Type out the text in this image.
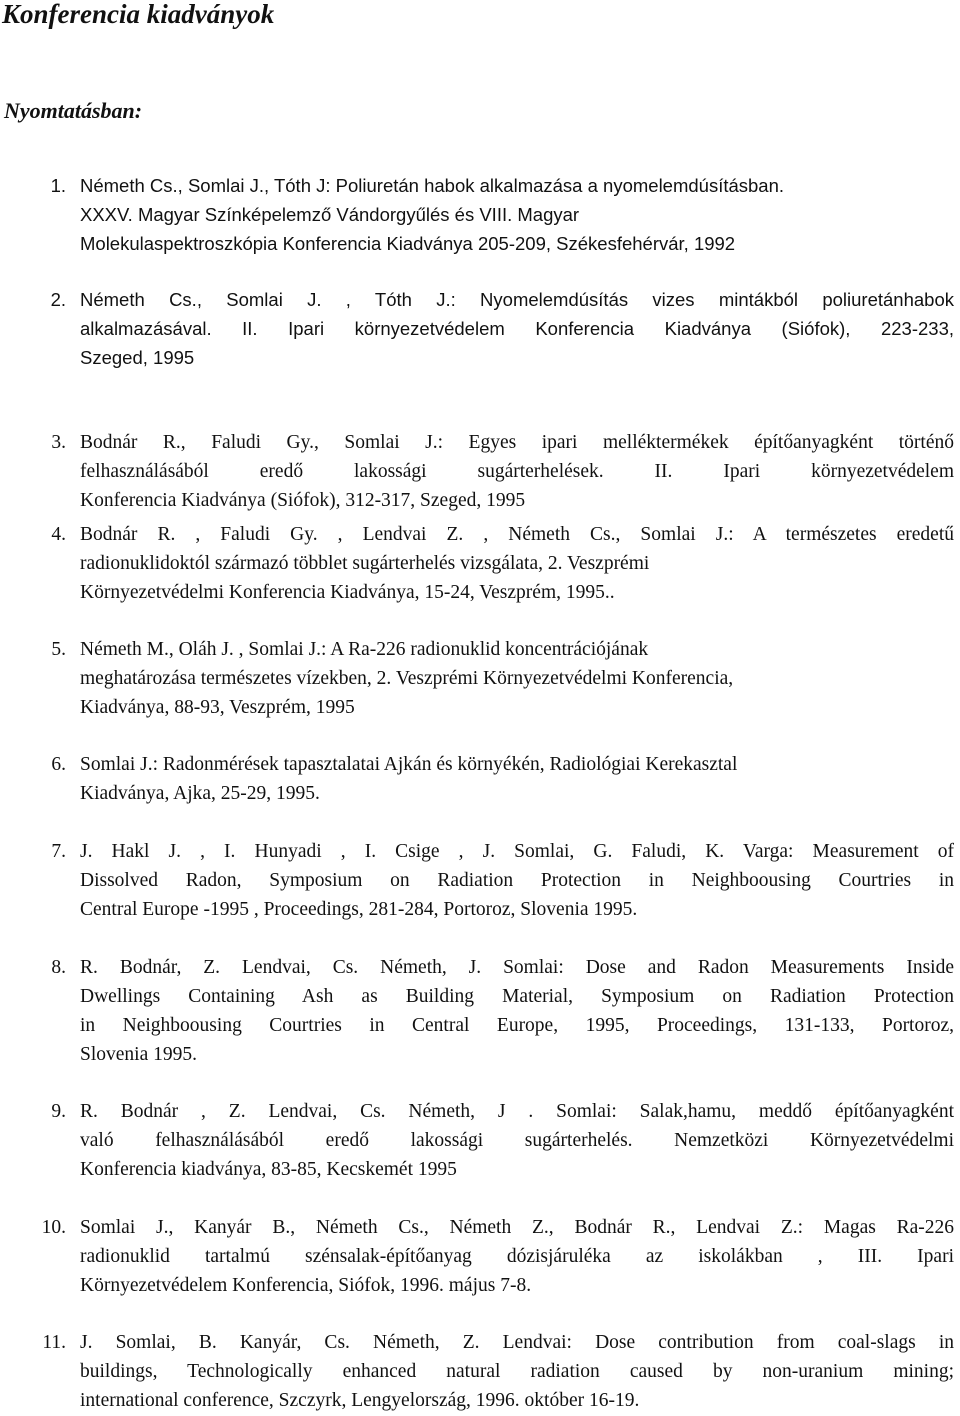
Konferencia kiadványok
Nyomtatásban:
1. Németh Cs., Somlai J., Tóth J: Poliuretán habok alkalmazása a nyomelemdúsításban.
XXXV. Magyar Színképelemző Vándorgyűlés és VIII. Magyar
Molekulaspektroszkópia Konferencia Kiadványa 205-209, Székesfehérvár, 1992
2. Németh Cs., Somlai J. , Tóth J.: Nyomelemdúsítás vizes mintákból poliuretánhabok
alkalmazásával. II. Ipari környezetvédelem Konferencia Kiadványa (Siófok), 223-233,
Szeged, 1995
3. Bodnár R., Faludi Gy., Somlai J.: Egyes ipari melléktermékek építőanyagként történő
felhasználásából eredő lakossági sugárterhelések. II. Ipari környezetvédelem
Konferencia Kiadványa (Siófok), 312-317, Szeged, 1995
4. Bodnár R. , Faludi Gy. , Lendvai Z. , Németh Cs., Somlai J.: A természetes eredetű
radionuklidoktól származó többlet sugárterhelés vizsgálata, 2. Veszprémi
Környezetvédelmi Konferencia Kiadványa, 15-24, Veszprém, 1995..
5. Németh M., Oláh J. , Somlai J.: A Ra-226 radionuklid koncentrációjának
meghatározása természetes vízekben, 2. Veszprémi Környezetvédelmi Konferencia,
Kiadványa, 88-93, Veszprém, 1995
6. Somlai J.: Radonmérések tapasztalatai Ajkán és környékén, Radiológiai Kerekasztal
Kiadványa, Ajka, 25-29, 1995.
7. J. Hakl J. , I. Hunyadi , I. Csige , J. Somlai, G. Faludi, K. Varga: Measurement of
Dissolved Radon, Symposium on Radiation Protection in Neighboousing Courtries in
Central Europe -1995 , Proceedings, 281-284, Portoroz, Slovenia 1995.
8. R. Bodnár, Z. Lendvai, Cs. Németh, J. Somlai: Dose and Radon Measurements Inside
Dwellings Containing Ash as Building Material, Symposium on Radiation Protection
in Neighboousing Courtries in Central Europe, 1995, Proceedings, 131-133, Portoroz,
Slovenia 1995.
9. R. Bodnár , Z. Lendvai, Cs. Németh, J . Somlai: Salak,hamu, meddő építőanyagként
való felhasználásából eredő lakossági sugárterhelés. Nemzetközi Környezetvédelmi
Konferencia kiadványa, 83-85, Kecskemét 1995
10. Somlai J., Kanyár B., Németh Cs., Németh Z., Bodnár R., Lendvai Z.: Magas Ra-226
radionuklid tartalmú szénsalak-építőanyag dózisjáruléka az iskolákban , III. Ipari
Környezetvédelem Konferencia, Siófok, 1996. május 7-8.
11. J. Somlai, B. Kanyár, Cs. Németh, Z. Lendvai: Dose contribution from coal-slags in
buildings, Technologically enhanced natural radiation caused by non-uranium mining;
international conference, Szczyrk, Lengyelország, 1996. október 16-19.
